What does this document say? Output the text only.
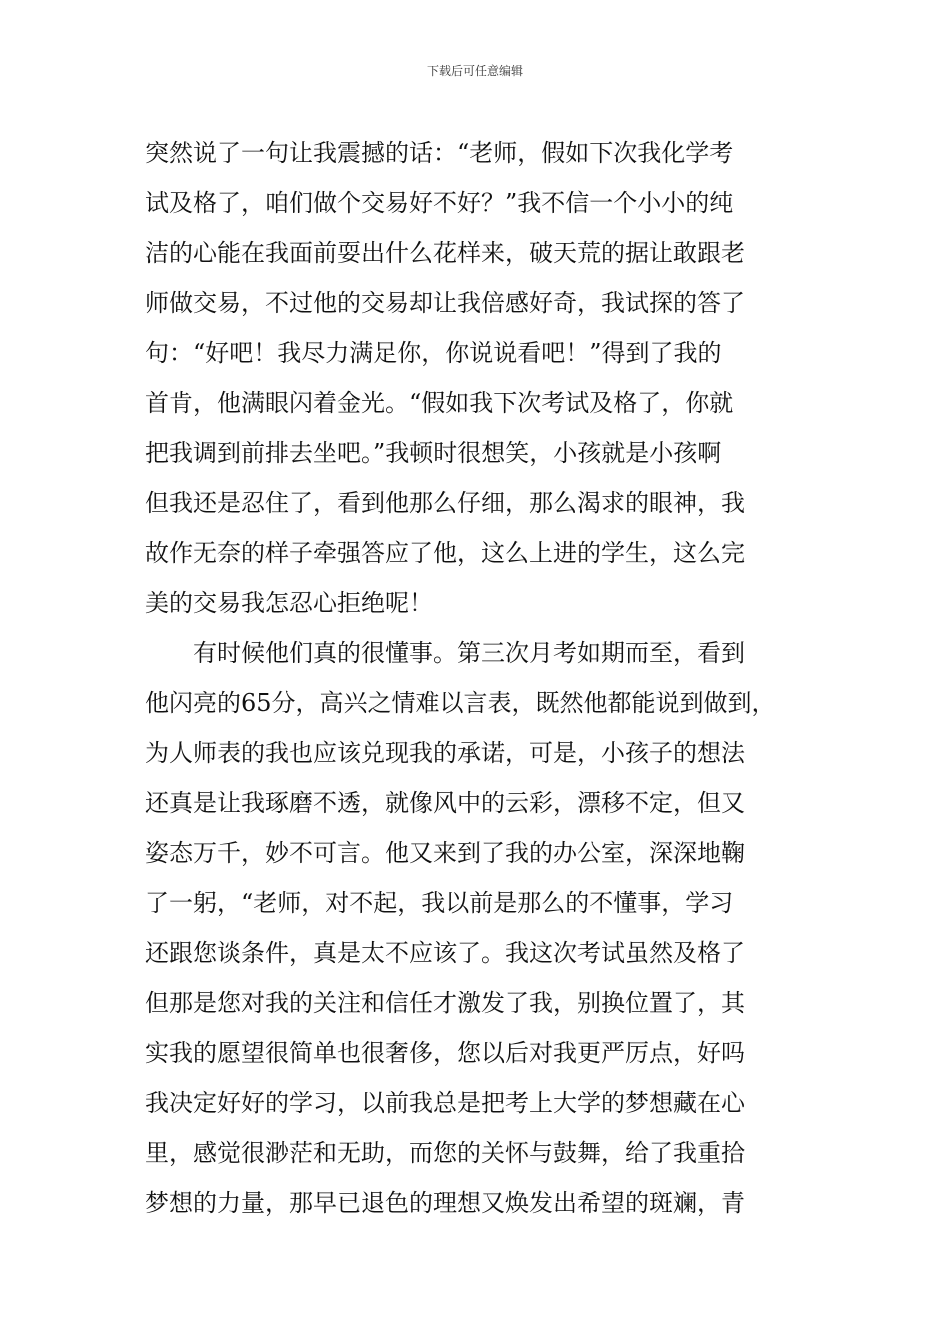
下载后可任意编辑
突然说了一句让我震撼的话：“老师，假如下次我化学考
试及格了，咱们做个交易好不好？”我不信一个小小的纯
洁的心能在我面前耍出什么花样来，破天荒的据让敢跟老
师做交易，不过他的交易却让我倍感好奇，我试探的答了
句：“好吧！我尽力满足你，你说说看吧！”得到了我的
首肯，他满眼闪着金光。“假如我下次考试及格了，你就
把我调到前排去坐吧。”我顿时很想笑，小孩就是小孩啊
但我还是忍住了，看到他那么仔细，那么渴求的眼神，我
故作无奈的样子牵强答应了他，这么上进的学生，这么完
美的交易我怎忍心拒绝呢！
　　有时候他们真的很懂事。第三次月考如期而至，看到
他闪亮的65分，高兴之情难以言表，既然他都能说到做到，
为人师表的我也应该兑现我的承诺，可是，小孩子的想法
还真是让我琢磨不透，就像风中的云彩，漂移不定，但又
姿态万千，妙不可言。他又来到了我的办公室，深深地鞠
了一躬，“老师，对不起，我以前是那么的不懂事，学习
还跟您谈条件，真是太不应该了。我这次考试虽然及格了
但那是您对我的关注和信任才激发了我，别换位置了，其
实我的愿望很简单也很奢侈，您以后对我更严厉点，好吗
我决定好好的学习，以前我总是把考上大学的梦想藏在心
里，感觉很渺茫和无助，而您的关怀与鼓舞，给了我重拾
梦想的力量，那早已退色的理想又焕发出希望的斑斓，青
